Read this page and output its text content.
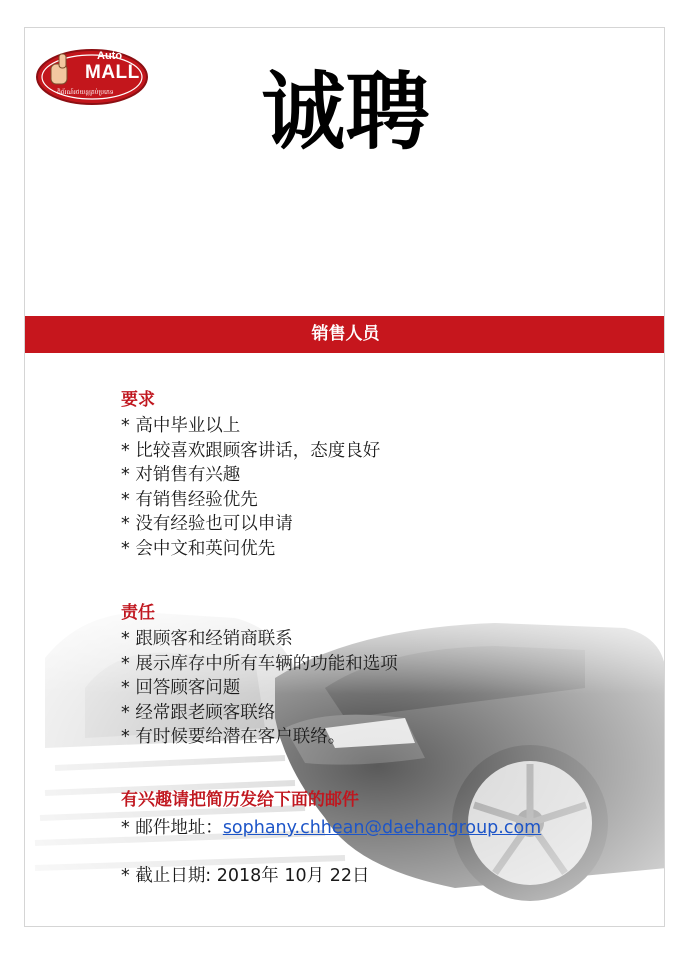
Auto
MALL
ពិព័រណ៍រថយន្តគ្រប់ប្រភេទ	诚聘
销售人员
要求
* 高中毕业以上
* 比较喜欢跟顾客讲话，态度良好
* 对销售有兴趣
* 有销售经验优先
* 没有经验也可以申请
* 会中文和英问优先
责任
* 跟顾客和经销商联系
* 展示库存中所有车辆的功能和选项
* 回答顾客问题
* 经常跟老顾客联络
* 有时候要给潜在客户联络。
有兴趣请把简历发给下面的邮件
* 邮件地址：sophany.chhean@daehangroup.com
* 截止日期: 2018年 10月 22日
